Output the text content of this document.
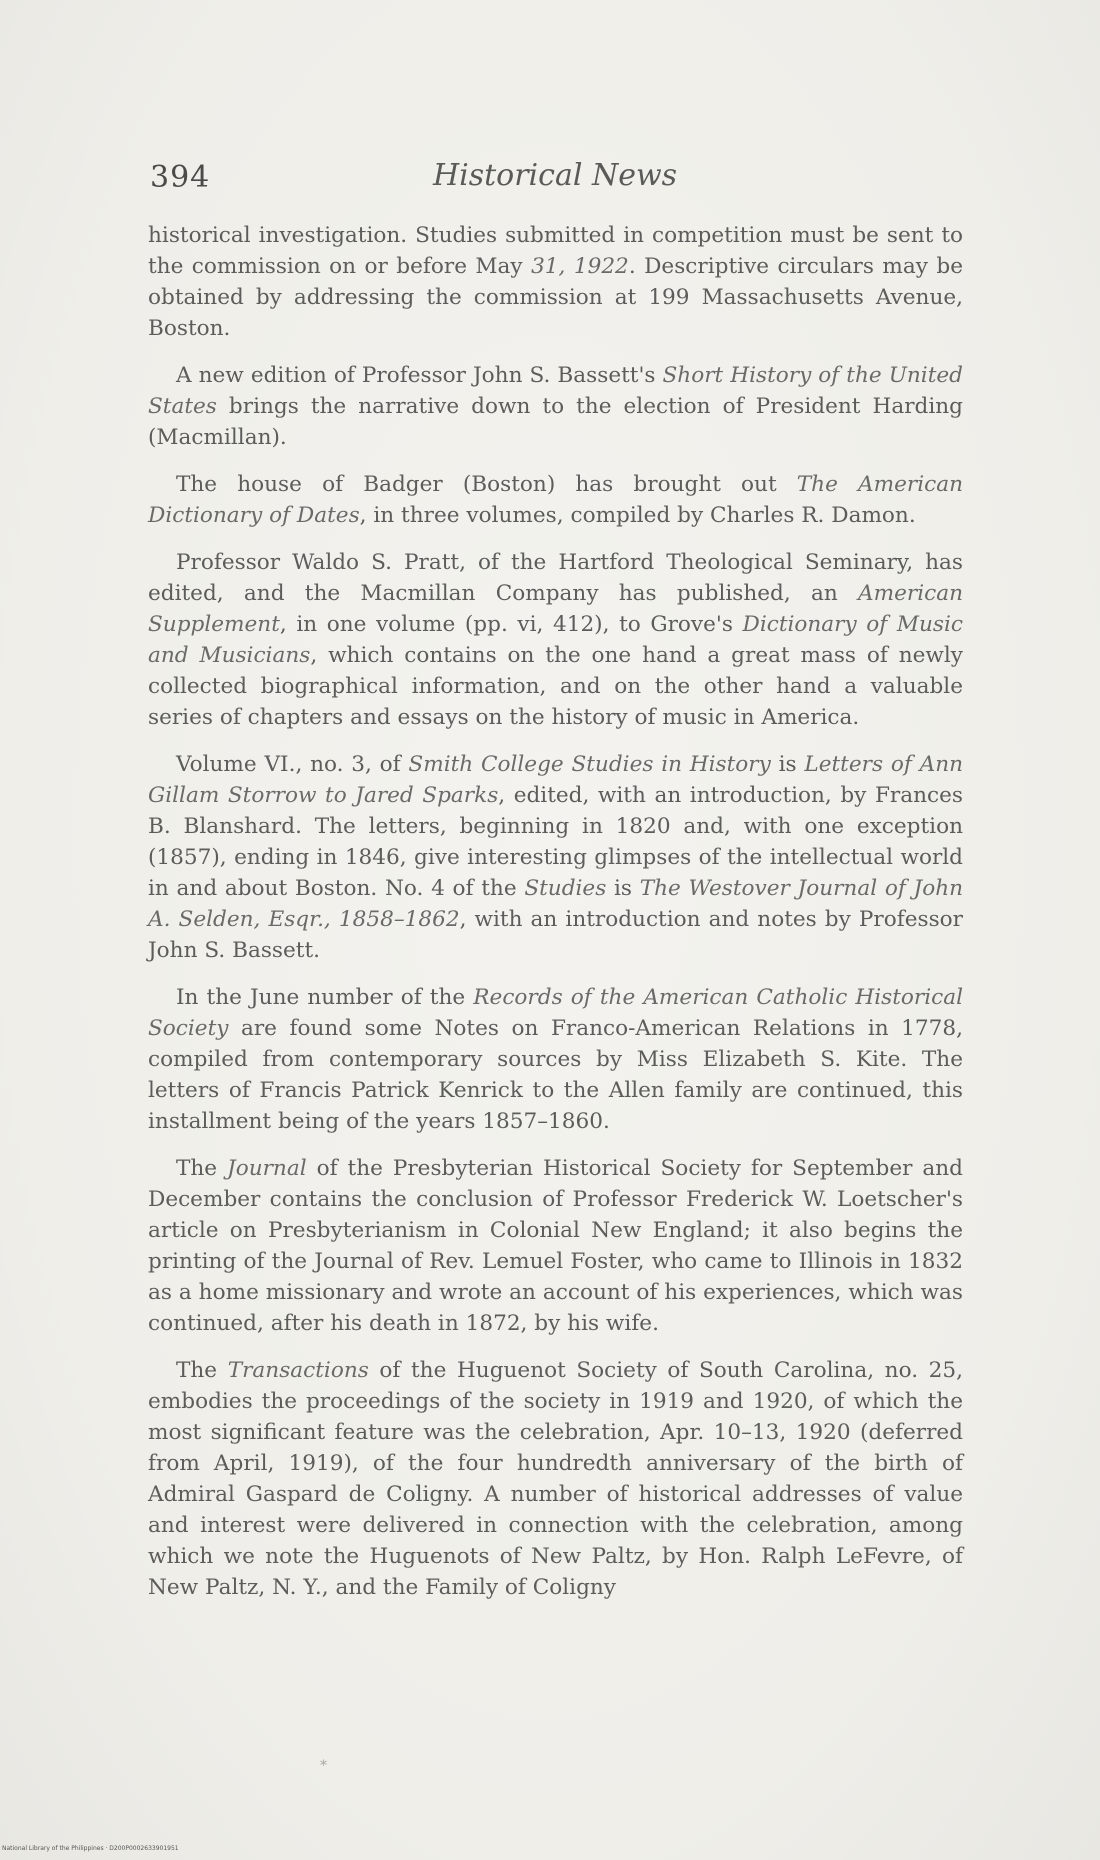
394	Historical News

historical investigation. Studies submitted in competition must be sent to the commission on or before May 31, 1922. Descriptive circulars may be obtained by addressing the commission at 199 Massachusetts Avenue, Boston.

A new edition of Professor John S. Bassett's Short History of the United States brings the narrative down to the election of President Harding (Macmillan).

The house of Badger (Boston) has brought out The American Dictionary of Dates, in three volumes, compiled by Charles R. Damon.

Professor Waldo S. Pratt, of the Hartford Theological Seminary, has edited, and the Macmillan Company has published, an American Supplement, in one volume (pp. vi, 412), to Grove's Dictionary of Music and Musicians, which contains on the one hand a great mass of newly collected biographical information, and on the other hand a valuable series of chapters and essays on the history of music in America.

Volume VI., no. 3, of Smith College Studies in History is Letters of Ann Gillam Storrow to Jared Sparks, edited, with an introduction, by Frances B. Blanshard. The letters, beginning in 1820 and, with one exception (1857), ending in 1846, give interesting glimpses of the intellectual world in and about Boston. No. 4 of the Studies is The Westover Journal of John A. Selden, Esqr., 1858–1862, with an introduction and notes by Professor John S. Bassett.

In the June number of the Records of the American Catholic Historical Society are found some Notes on Franco-American Relations in 1778, compiled from contemporary sources by Miss Elizabeth S. Kite. The letters of Francis Patrick Kenrick to the Allen family are continued, this installment being of the years 1857–1860.

The Journal of the Presbyterian Historical Society for September and December contains the conclusion of Professor Frederick W. Loetscher's article on Presbyterianism in Colonial New England; it also begins the printing of the Journal of Rev. Lemuel Foster, who came to Illinois in 1832 as a home missionary and wrote an account of his experiences, which was continued, after his death in 1872, by his wife.

The Transactions of the Huguenot Society of South Carolina, no. 25, embodies the proceedings of the society in 1919 and 1920, of which the most significant feature was the celebration, Apr. 10–13, 1920 (deferred from April, 1919), of the four hundredth anniversary of the birth of Admiral Gaspard de Coligny. A number of historical addresses of value and interest were delivered in connection with the celebration, among which we note the Huguenots of New Paltz, by Hon. Ralph LeFevre, of New Paltz, N. Y., and the Family of Coligny

*
National Library of the Philippines · D200P0002633901951
